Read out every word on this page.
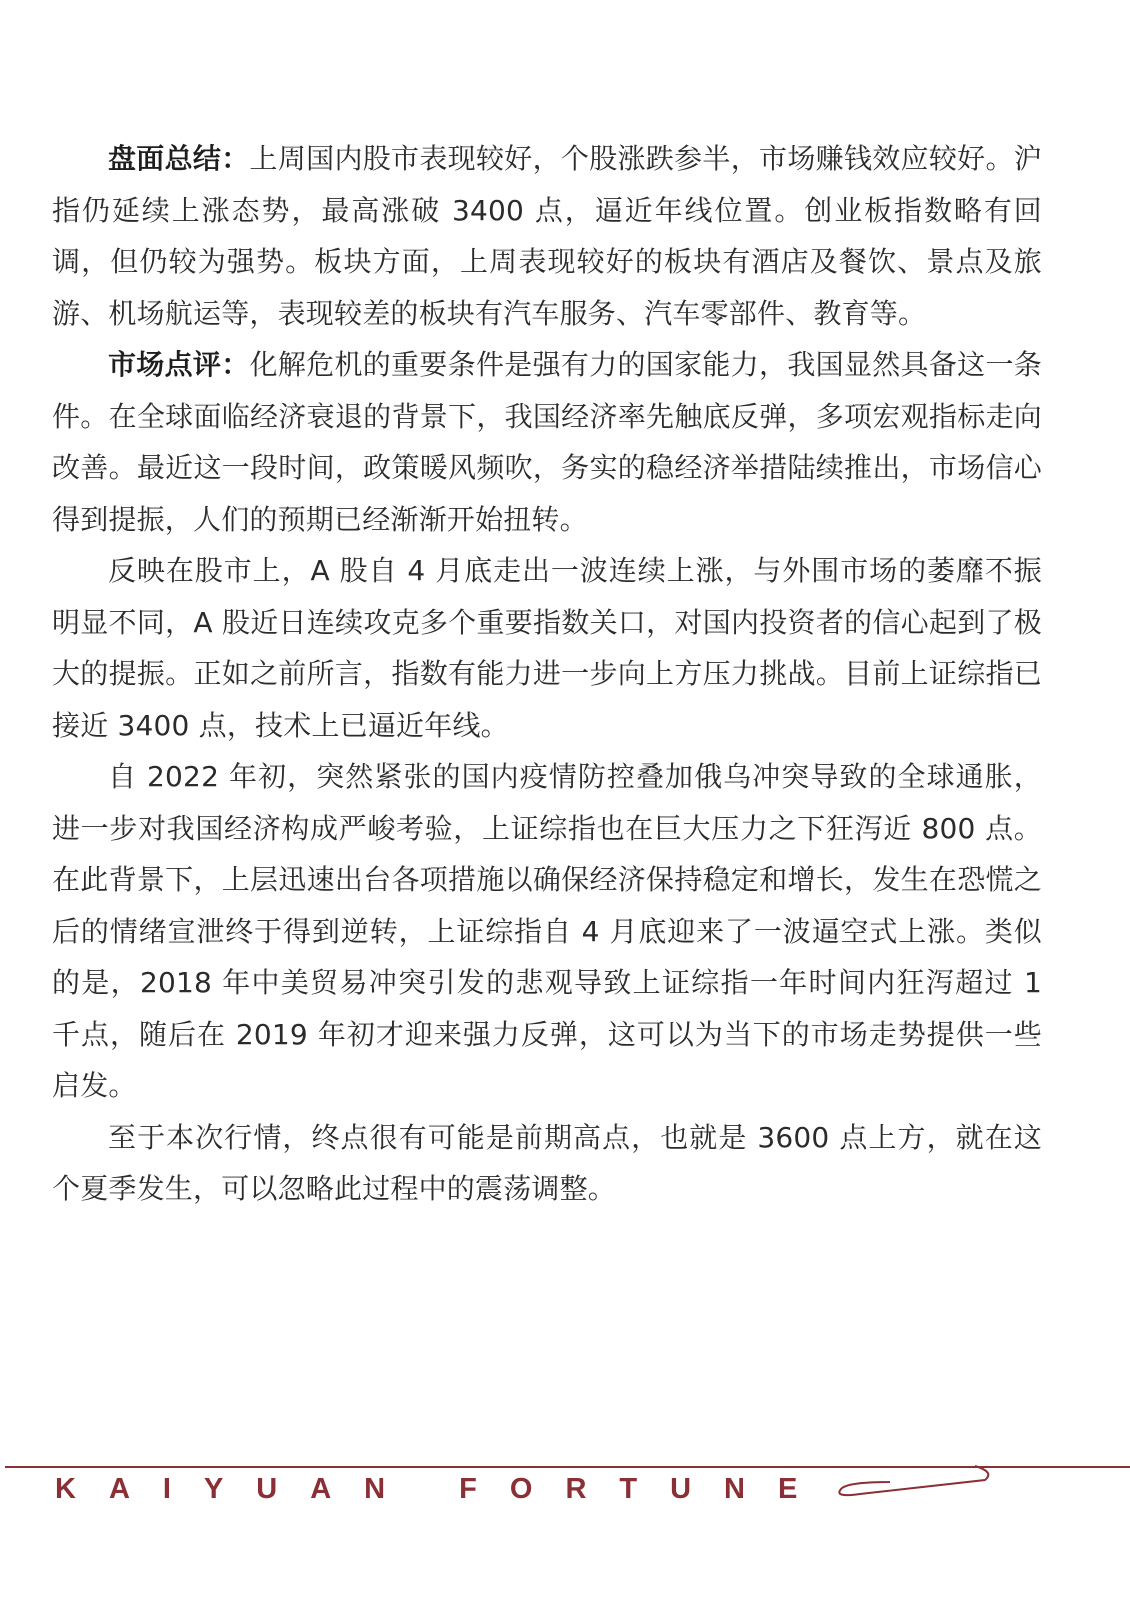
盘面总结：上周国内股市表现较好，个股涨跌参半，市场赚钱效应较好。沪指仍延续上涨态势，最高涨破 3400 点，逼近年线位置。创业板指数略有回调，但仍较为强势。板块方面，上周表现较好的板块有酒店及餐饮、景点及旅游、机场航运等，表现较差的板块有汽车服务、汽车零部件、教育等。

市场点评：化解危机的重要条件是强有力的国家能力，我国显然具备这一条件。在全球面临经济衰退的背景下，我国经济率先触底反弹，多项宏观指标走向改善。最近这一段时间，政策暖风频吹，务实的稳经济举措陆续推出，市场信心得到提振，人们的预期已经渐渐开始扭转。

反映在股市上，A 股自 4 月底走出一波连续上涨，与外围市场的萎靡不振明显不同，A 股近日连续攻克多个重要指数关口，对国内投资者的信心起到了极大的提振。正如之前所言，指数有能力进一步向上方压力挑战。目前上证综指已接近 3400 点，技术上已逼近年线。

自 2022 年初，突然紧张的国内疫情防控叠加俄乌冲突导致的全球通胀，进一步对我国经济构成严峻考验，上证综指也在巨大压力之下狂泻近 800 点。在此背景下，上层迅速出台各项措施以确保经济保持稳定和增长，发生在恐慌之后的情绪宣泄终于得到逆转，上证综指自 4 月底迎来了一波逼空式上涨。类似的是，2018 年中美贸易冲突引发的悲观导致上证综指一年时间内狂泻超过 1 千点，随后在 2019 年初才迎来强力反弹，这可以为当下的市场走势提供一些启发。

至于本次行情，终点很有可能是前期高点，也就是 3600 点上方，就在这个夏季发生，可以忽略此过程中的震荡调整。

KAIYUAN FORTUNE
